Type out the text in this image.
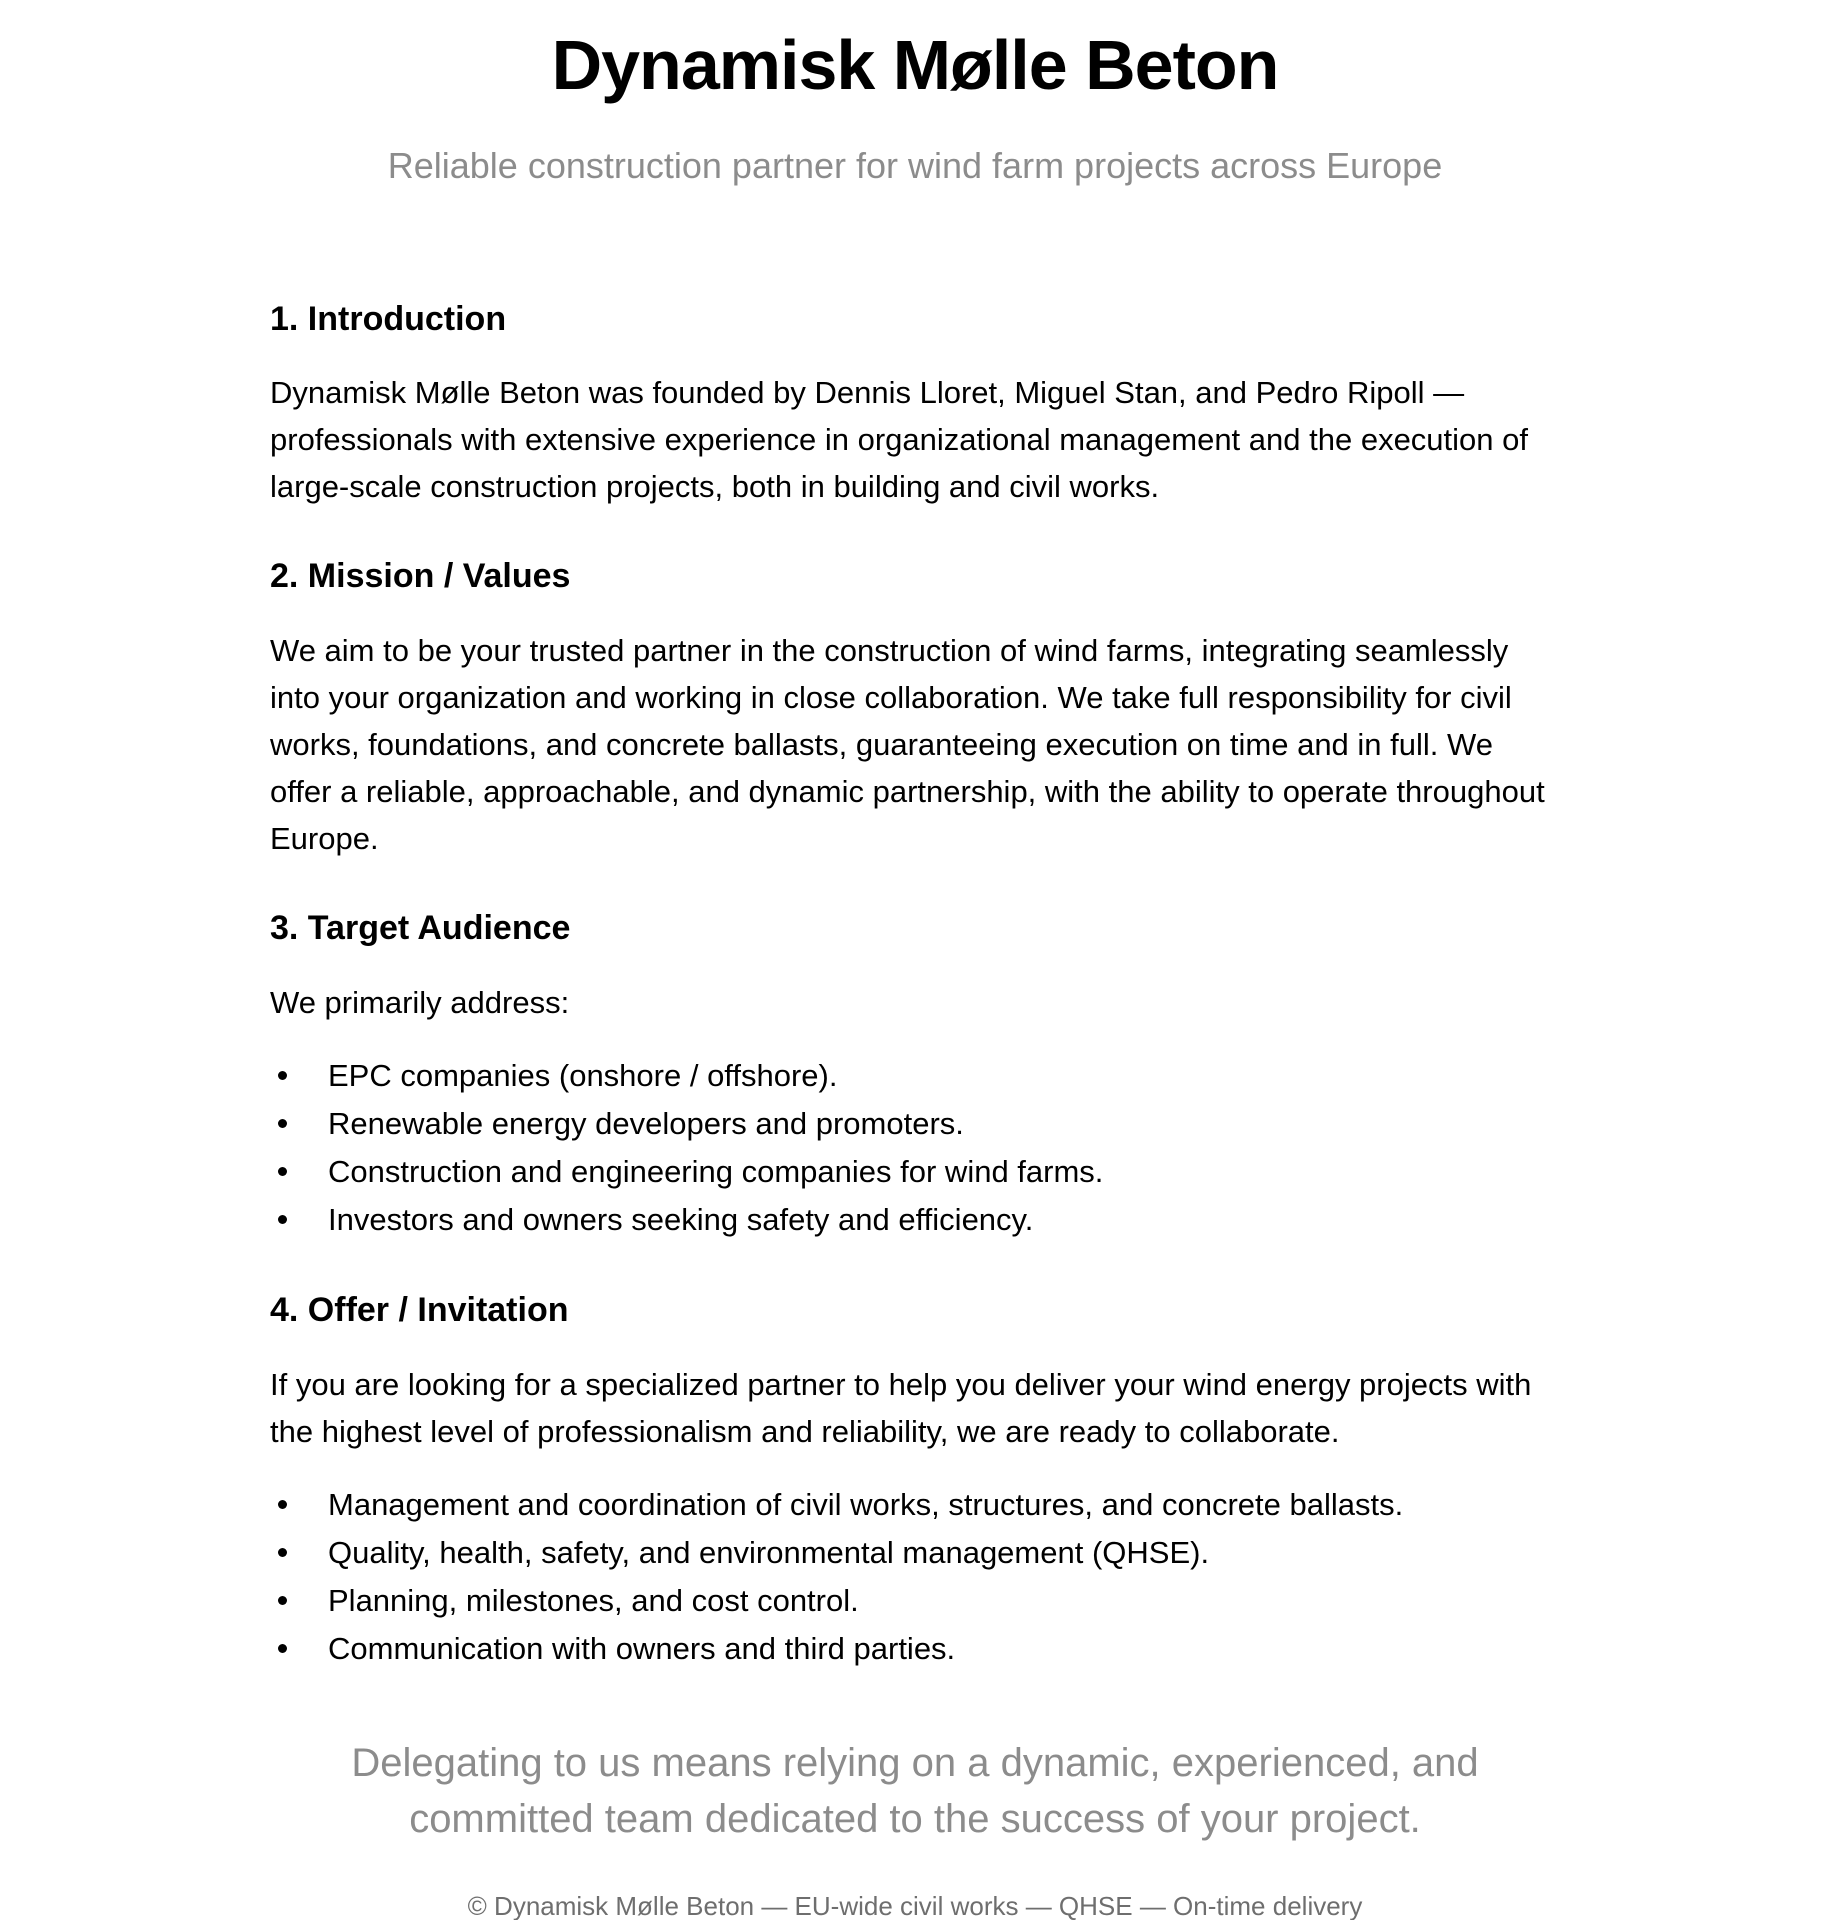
Dynamisk Mølle Beton
Reliable construction partner for wind farm projects across Europe
1. Introduction

Dynamisk Mølle Beton was founded by Dennis Lloret, Miguel Stan, and Pedro Ripoll — professionals with extensive experience in organizational management and the execution of large-scale construction projects, both in building and civil works.

2. Mission / Values

We aim to be your trusted partner in the construction of wind farms, integrating seamlessly into your organization and working in close collaboration. We take full responsibility for civil works, foundations, and concrete ballasts, guaranteeing execution on time and in full. We offer a reliable, approachable, and dynamic partnership, with the ability to operate throughout Europe.

3. Target Audience

We primarily address:

EPC companies (onshore / offshore).
Renewable energy developers and promoters.
Construction and engineering companies for wind farms.
Investors and owners seeking safety and efficiency.
4. Offer / Invitation

If you are looking for a specialized partner to help you deliver your wind energy projects with the highest level of professionalism and reliability, we are ready to collaborate.

Management and coordination of civil works, structures, and concrete ballasts.
Quality, health, safety, and environmental management (QHSE).
Planning, milestones, and cost control.
Communication with owners and third parties.
Delegating to us means relying on a dynamic, experienced, and committed team dedicated to the success of your project.
© Dynamisk Mølle Beton — EU-wide civil works — QHSE — On-time delivery
